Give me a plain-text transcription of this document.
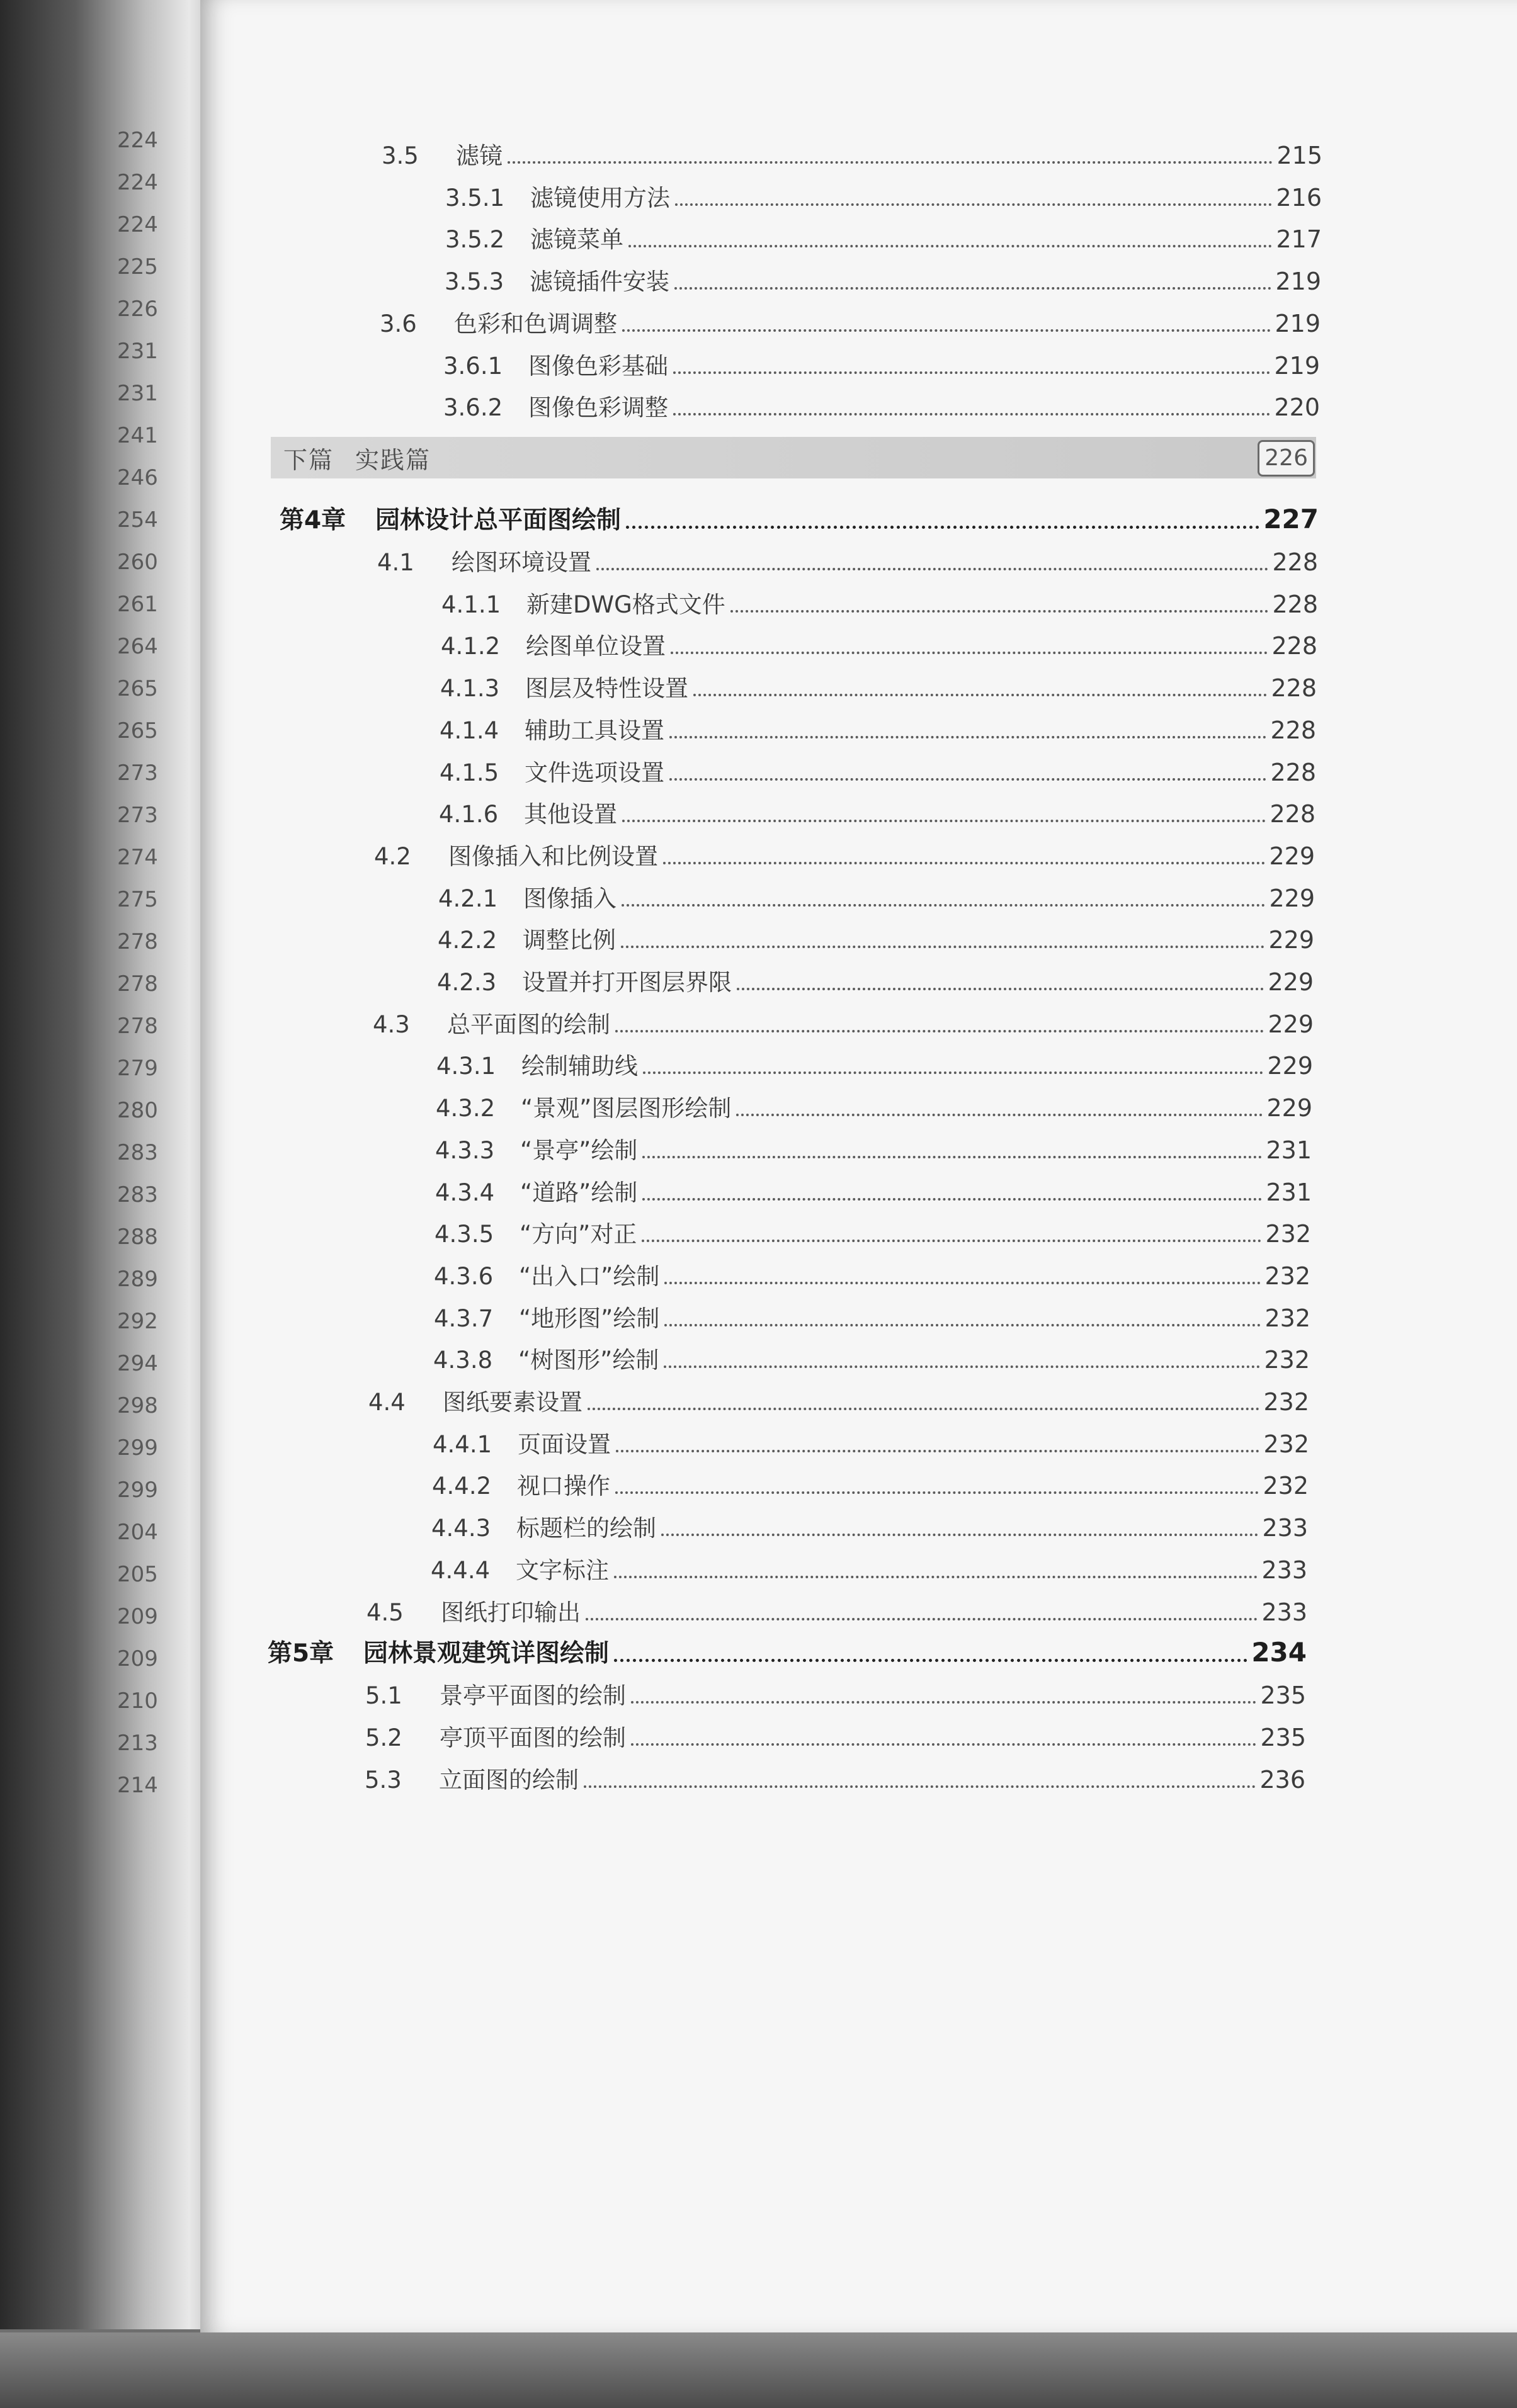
224
224
224
225
226
231
231
241
246
254
260
261
264
265
265
273
273
274
275
278
278
278
279
280
283
283
288
289
292
294
298
299
299
204
205
209
209
210
213
214
下篇 实践篇	226
3.5	滤镜	215
3.5.1	滤镜使用方法	216
3.5.2	滤镜菜单	217
3.5.3	滤镜插件安装	219
3.6	色彩和色调调整	219
3.6.1	图像色彩基础	219
3.6.2	图像色彩调整	220
第4章	园林设计总平面图绘制	227
4.1	绘图环境设置	228
4.1.1	新建DWG格式文件	228
4.1.2	绘图单位设置	228
4.1.3	图层及特性设置	228
4.1.4	辅助工具设置	228
4.1.5	文件选项设置	228
4.1.6	其他设置	228
4.2	图像插入和比例设置	229
4.2.1	图像插入	229
4.2.2	调整比例	229
4.2.3	设置并打开图层界限	229
4.3	总平面图的绘制	229
4.3.1	绘制辅助线	229
4.3.2	“景观”图层图形绘制	229
4.3.3	“景亭”绘制	231
4.3.4	“道路”绘制	231
4.3.5	“方向”对正	232
4.3.6	“出入口”绘制	232
4.3.7	“地形图”绘制	232
4.3.8	“树图形”绘制	232
4.4	图纸要素设置	232
4.4.1	页面设置	232
4.4.2	视口操作	232
4.4.3	标题栏的绘制	233
4.4.4	文字标注	233
4.5	图纸打印输出	233
第5章	园林景观建筑详图绘制	234
5.1	景亭平面图的绘制	235
5.2	亭顶平面图的绘制	235
5.3	立面图的绘制	236
